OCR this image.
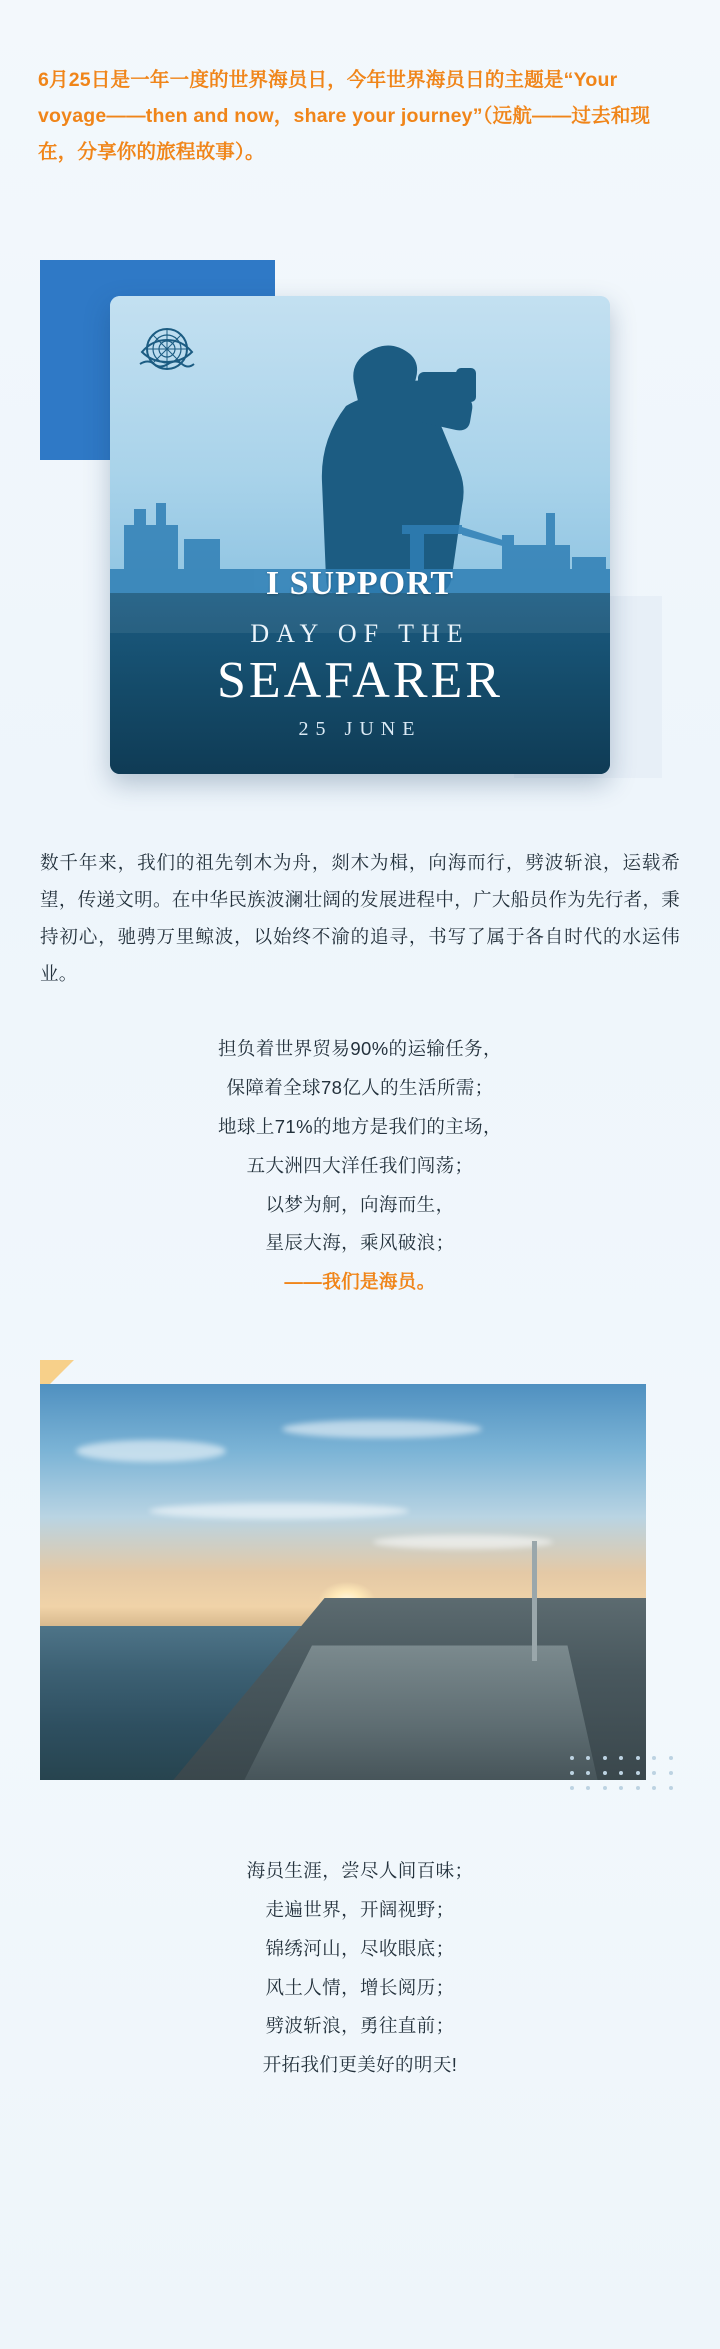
6月25日是一年一度的世界海员日，今年世界海员日的主题是“Your voyage——then and now，share your journey”（远航——过去和现在，分享你的旅程故事）。

I SUPPORT

DAY OF THE

SEAFARER

25 JUNE

数千年来，我们的祖先刳木为舟，剡木为楫，向海而行，劈波斩浪，运载希望，传递文明。在中华民族波澜壮阔的发展进程中，广大船员作为先行者，秉持初心，驰骋万里鲸波，以始终不渝的追寻，书写了属于各自时代的水运伟业。

担负着世界贸易90%的运输任务，
保障着全球78亿人的生活所需；
地球上71%的地方是我们的主场，
五大洲四大洋任我们闯荡；
以梦为舸，向海而生，
星辰大海，乘风破浪；
——我们是海员。
海员生涯，尝尽人间百味；
走遍世界，开阔视野；
锦绣河山，尽收眼底；
风土人情，增长阅历；
劈波斩浪，勇往直前；
开拓我们更美好的明天!
